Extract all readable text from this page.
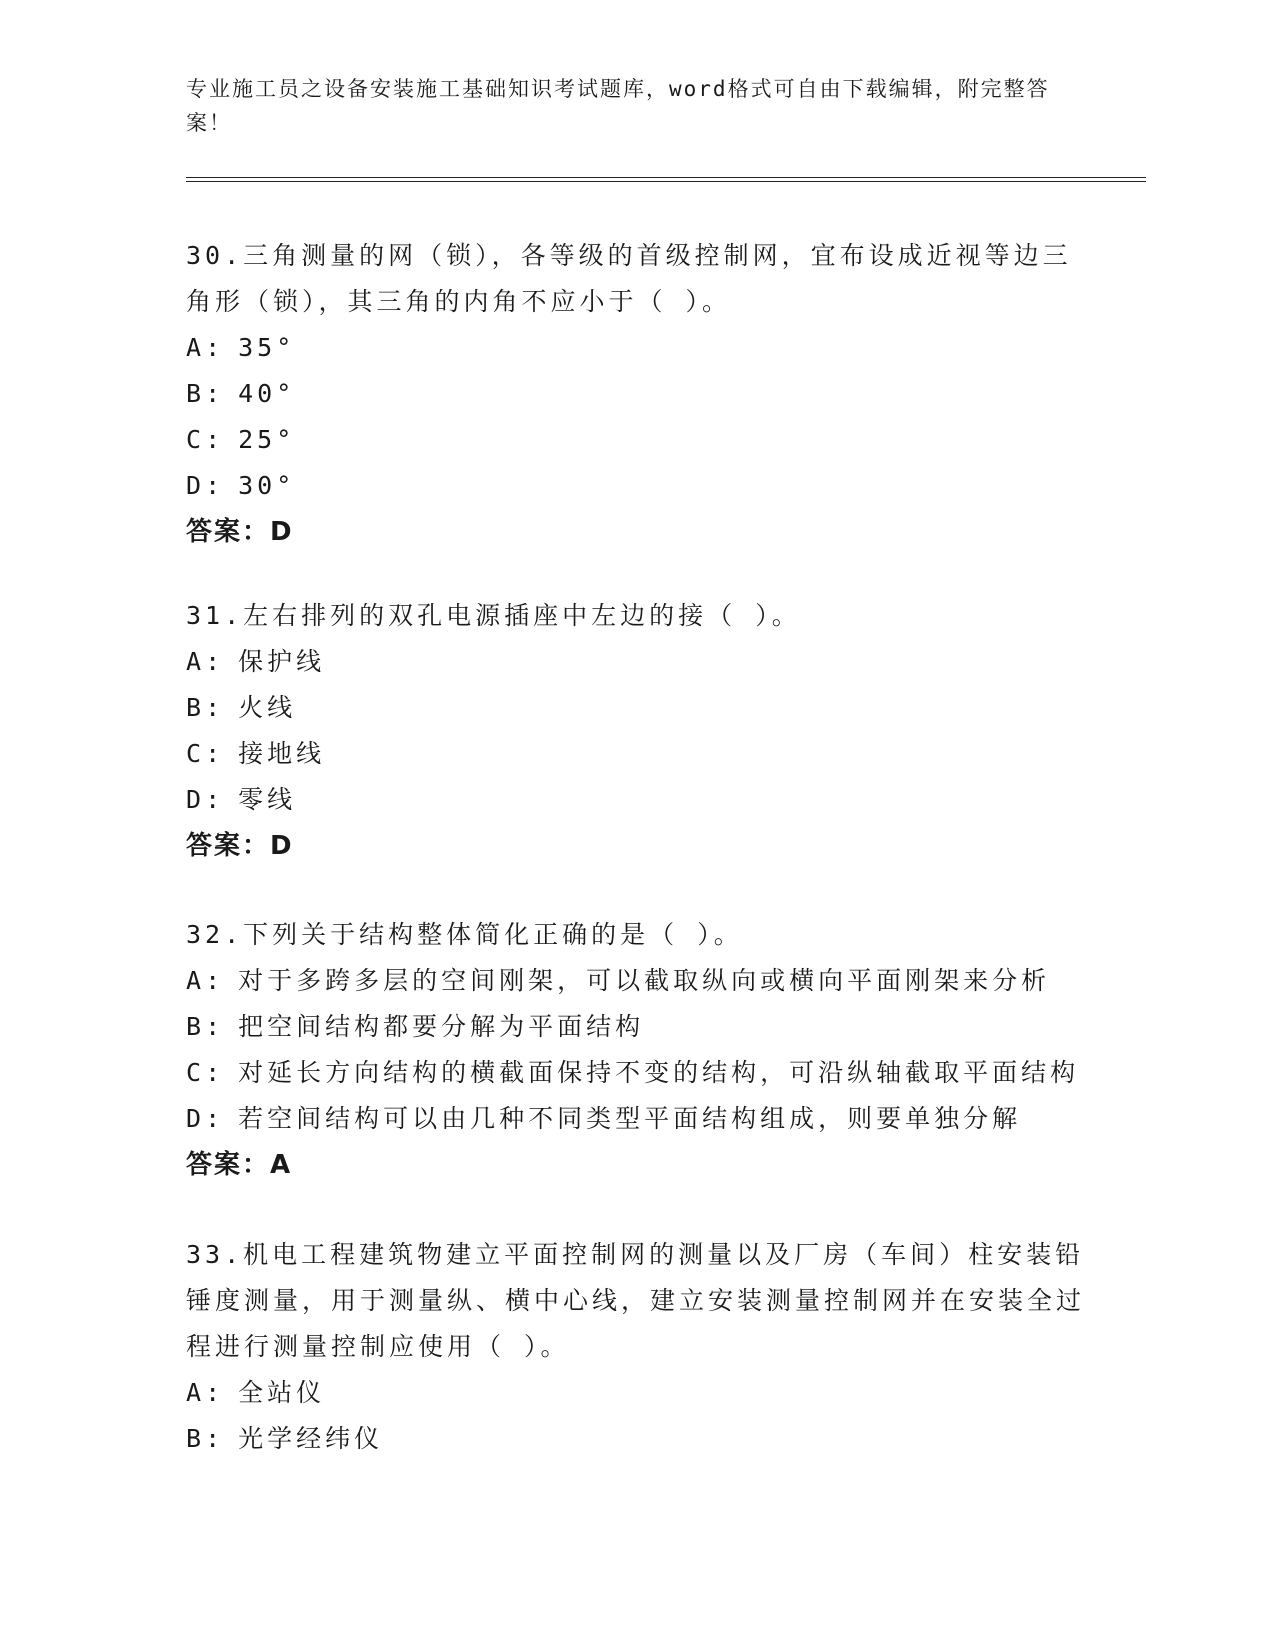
专业施工员之设备安装施工基础知识考试题库，word格式可自由下载编辑，附完整答案！

30.三角测量的网（锁），各等级的首级控制网，宜布设成近视等边三角形（锁），其三角的内角不应小于（ ）。

A: 35°

B: 40°

C: 25°

D: 30°

答案：D

31.左右排列的双孔电源插座中左边的接（ ）。

A: 保护线

B: 火线

C: 接地线

D: 零线

答案：D

32.下列关于结构整体简化正确的是（ ）。

A: 对于多跨多层的空间刚架，可以截取纵向或横向平面刚架来分析

B: 把空间结构都要分解为平面结构

C: 对延长方向结构的横截面保持不变的结构，可沿纵轴截取平面结构

D: 若空间结构可以由几种不同类型平面结构组成，则要单独分解

答案：A

33.机电工程建筑物建立平面控制网的测量以及厂房（车间）柱安装铅锤度测量，用于测量纵、横中心线，建立安装测量控制网并在安装全过程进行测量控制应使用（ ）。

A: 全站仪

B: 光学经纬仪
